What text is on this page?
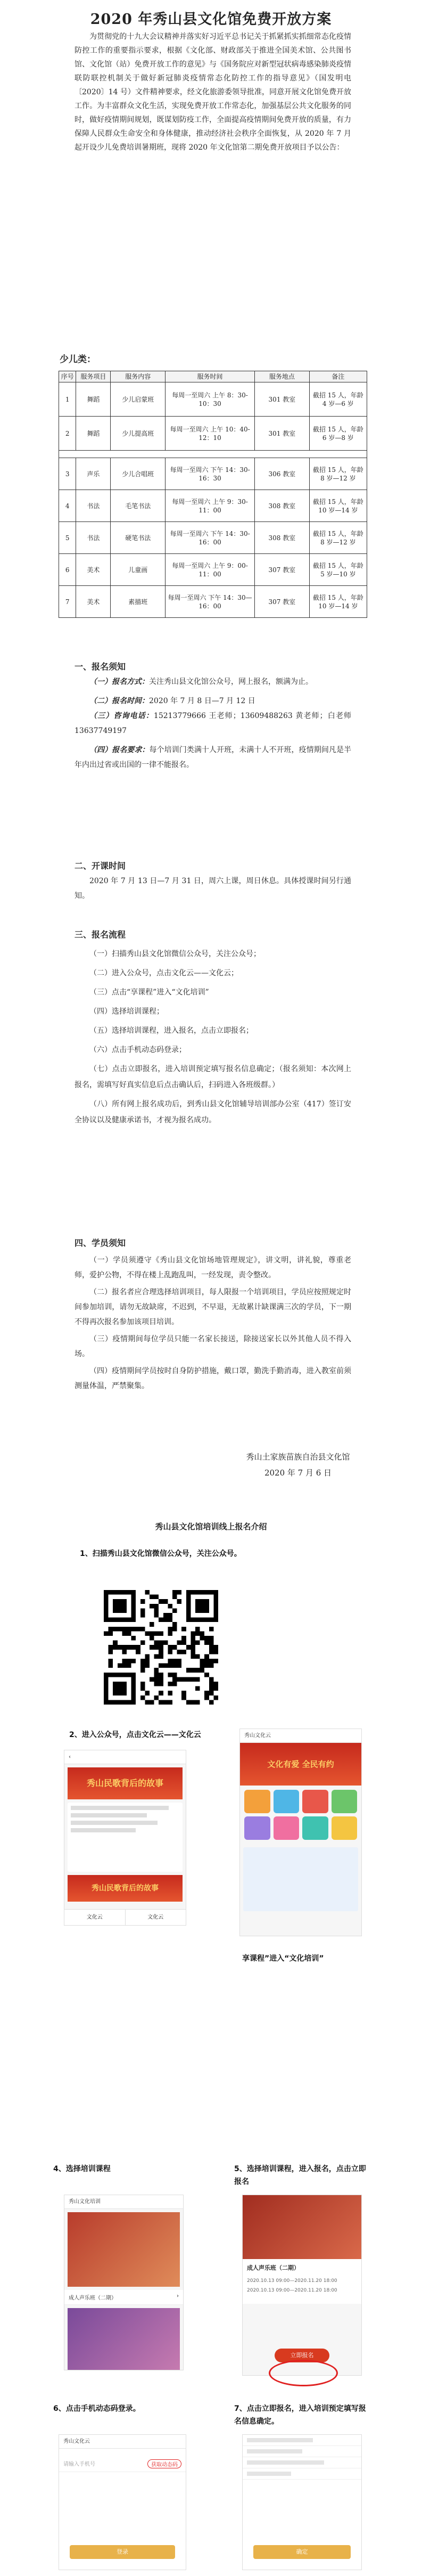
2020 年秀山县文化馆免费开放方案
为贯彻党的十九大会议精神并落实好习近平总书记关于抓紧抓实抓细常态化疫情防控工作的重要指示要求，根据《文化部、财政部关于推进全国美术馆、公共图书馆、文化馆（站）免费开放工作的意见》与《国务院应对新型冠状病毒感染肺炎疫情联防联控机制关于做好新冠肺炎疫情常态化防控工作的指导意见》（国发明电〔2020〕14 号）文件精神要求，经文化旅游委领导批准，同意开展文化馆免费开放工作。为丰富群众文化生活，实现免费开放工作常态化，加强基层公共文化服务的同时，做好疫情期间规划，既谋划防疫工作，全面提高疫情期间免费开放的质量，有力保障人民群众生命安全和身体健康，推动经济社会秩序全面恢复，从 2020 年 7 月起开设少儿免费培训暑期班，现将 2020 年文化馆第二期免费开放项目予以公告：
少儿类：
序号	服务项目	服务内容	服务时间	服务地点	备注
1	舞蹈	少儿启蒙班	每周一至周六 上午 8：30-10：30	301 教室	截招 15 人，年龄 4 岁—6 岁
2	舞蹈	少儿提高班	每周一至周六 上午 10：40-12：10	301 教室	截招 15 人，年龄 6 岁—8 岁

3	声乐	少儿合唱班	每周一至周六 下午 14：30-16：30	306 教室	截招 15 人，年龄 8 岁—12 岁
4	书法	毛笔书法	每周一至周六 上午 9：30-11：00	308 教室	截招 15 人，年龄 10 岁—14 岁
5	书法	硬笔书法	每周一至周六 下午 14：30-16：00	308 教室	截招 15 人，年龄 8 岁—12 岁
6	美术	儿童画	每周一至周六 上午 9：00-11：00	307 教室	截招 15 人，年龄 5 岁—10 岁
7	美术	素描班	每周一至周六 下午 14：30—16：00	307 教室	截招 15 人，年龄 10 岁—14 岁
一、报名须知
（一）报名方式：关注秀山县文化馆公众号，网上报名，额满为止。
（二）报名时间：2020 年 7 月 8 日—7 月 12 日
（三）咨询电话：15213779666 王老师；13609488263 黄老师；白老师 13637749197
（四）报名要求：每个培训门类满十人开班，未满十人不开班，疫情期间凡是半年内出过省或出国的一律不能报名。
二、开课时间
2020 年 7 月 13 日—7 月 31 日，周六上课，周日休息。具体授课时间另行通知。
三、报名流程
（一）扫描秀山县文化馆微信公众号，关注公众号；
（二）进入公众号，点击文化云——文化云；
（三）点击“享课程”进入“文化培训”
（四）选择培训课程；
（五）选择培训课程，进入报名，点击立即报名；
（六）点击手机动态码登录；
（七）点击立即报名，进入培训预定填写报名信息确定；（报名须知：本次网上报名，需填写好真实信息后点击确认后，扫码进入各班级群。）
（八）所有网上报名成功后，到秀山县文化馆辅导培训部办公室（417）签订安全协议以及健康承诺书，才视为报名成功。
四、学员须知
（一）学员须遵守《秀山县文化馆场地管理规定》，讲文明，讲礼貌，尊重老师，爱护公物，不得在楼上乱跑乱叫，一经发现，责令整改。
（二）报名者应合理选择培训项目，每人限报一个培训项目，学员应按照规定时间参加培训，请勿无故缺席，不迟到，不早退，无故累计缺课满三次的学员，下一期不得再次报名参加该项目培训。
（三）疫情期间每位学员只能一名家长接送，除接送家长以外其他人员不得入场。
（四）疫情期间学员按时自身防护措施，戴口罩，勤洗手勤消毒，进入教室前须测量体温，严禁聚集。
秀山土家族苗族自治县文化馆
2020 年 7 月 6 日
秀山县文化馆培训线上报名介绍
1、扫描秀山县文化馆微信公众号，关注公众号。
2、进入公众号，点击文化云——文化云
‹
秀山民歌背后的故事
秀山民歌背后的故事
文化云	文化云
秀山文化云
文化有爱 全民有约
享课程”进入“文化培训”
4、选择培训课程	5、选择培训课程，进入报名，点击立即报名
秀山文化培训
成人声乐班（二期）	›
成人声乐班（二期）
2020.10.13 09:00—2020.11.20 18:00
2020.10.13 09:00—2020.11.20 18:00
立即报名
6、点击手机动态码登录。	7、点击立即报名，进入培训预定填写报名信息确定。
秀山文化云
请输入手机号	获取动态码
登录	确定
